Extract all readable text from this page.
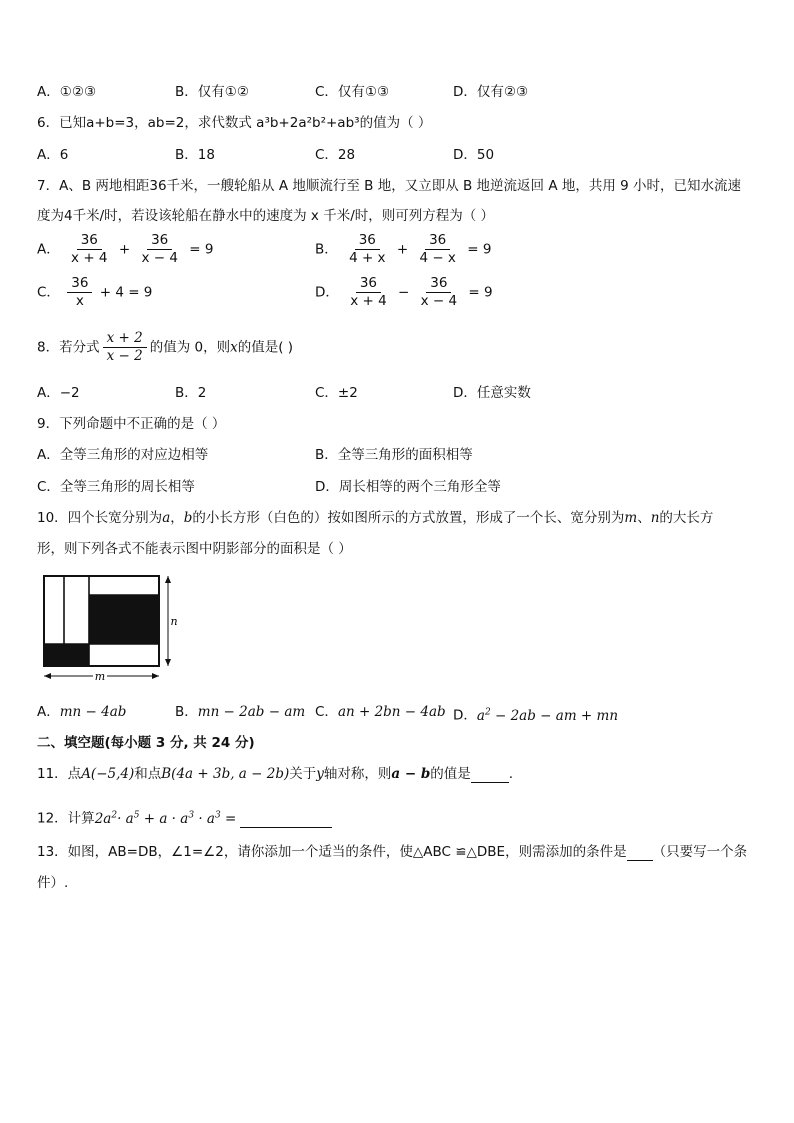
A．①②③	B．仅有①②	C．仅有①③	D．仅有②③
6．已知a+b=3，ab=2，求代数式 a³b+2a²b²+ab³的值为（ ）
A．6	B．18	C．28	D．50
7．A、B 两地相距36千米，一艘轮船从 A 地顺流行至 B 地，又立即从 B 地逆流返回 A 地，共用 9 小时，已知水流速
度为4千米/时，若设该轮船在静水中的速度为 x 千米/时，则可列方程为（ ）
A． $\frac{36}{x + 4} + \frac{36}{x - 4} = 9$	B． $\frac{36}{4 + x} + \frac{36}{4 - x} = 9$
C． $\frac{36}{x} + 4 = 9$	D． $\frac{36}{x + 4} - \frac{36}{x - 4} = 9$
8．若分式 $\frac{x + 2}{x - 2}$ 的值为 0，则x的值是( )
A．−2	B．2	C．±2	D．任意实数
9．下列命题中不正确的是（ ）
A．全等三角形的对应边相等	B．全等三角形的面积相等
C．全等三角形的周长相等	D．周长相等的两个三角形全等
10．四个长宽分别为a，b的小长方形（白色的）按如图所示的方式放置，形成了一个长、宽分别为m、n的大长方
形，则下列各式不能表示图中阴影部分的面积是（ ）
m
n
A．mn − 4ab	B．mn − 2ab − am C．an + 2bn − 4ab D．$a^2 - 2ab$ − am + mn
二、填空题(每小题 3 分, 共 24 分)
11．点A(−5,4)和点B(4a + 3b, a − 2b)关于y轴对称，则a − b的值是	.
12．计算$2a^2\cdot a^5 + a \cdot a^3 \cdot a^3$ =
13．如图，AB=DB，∠1=∠2，请你添加一个适当的条件，使△ABC ≌△DBE，则需添加的条件是 （只要写一个条
件）.
